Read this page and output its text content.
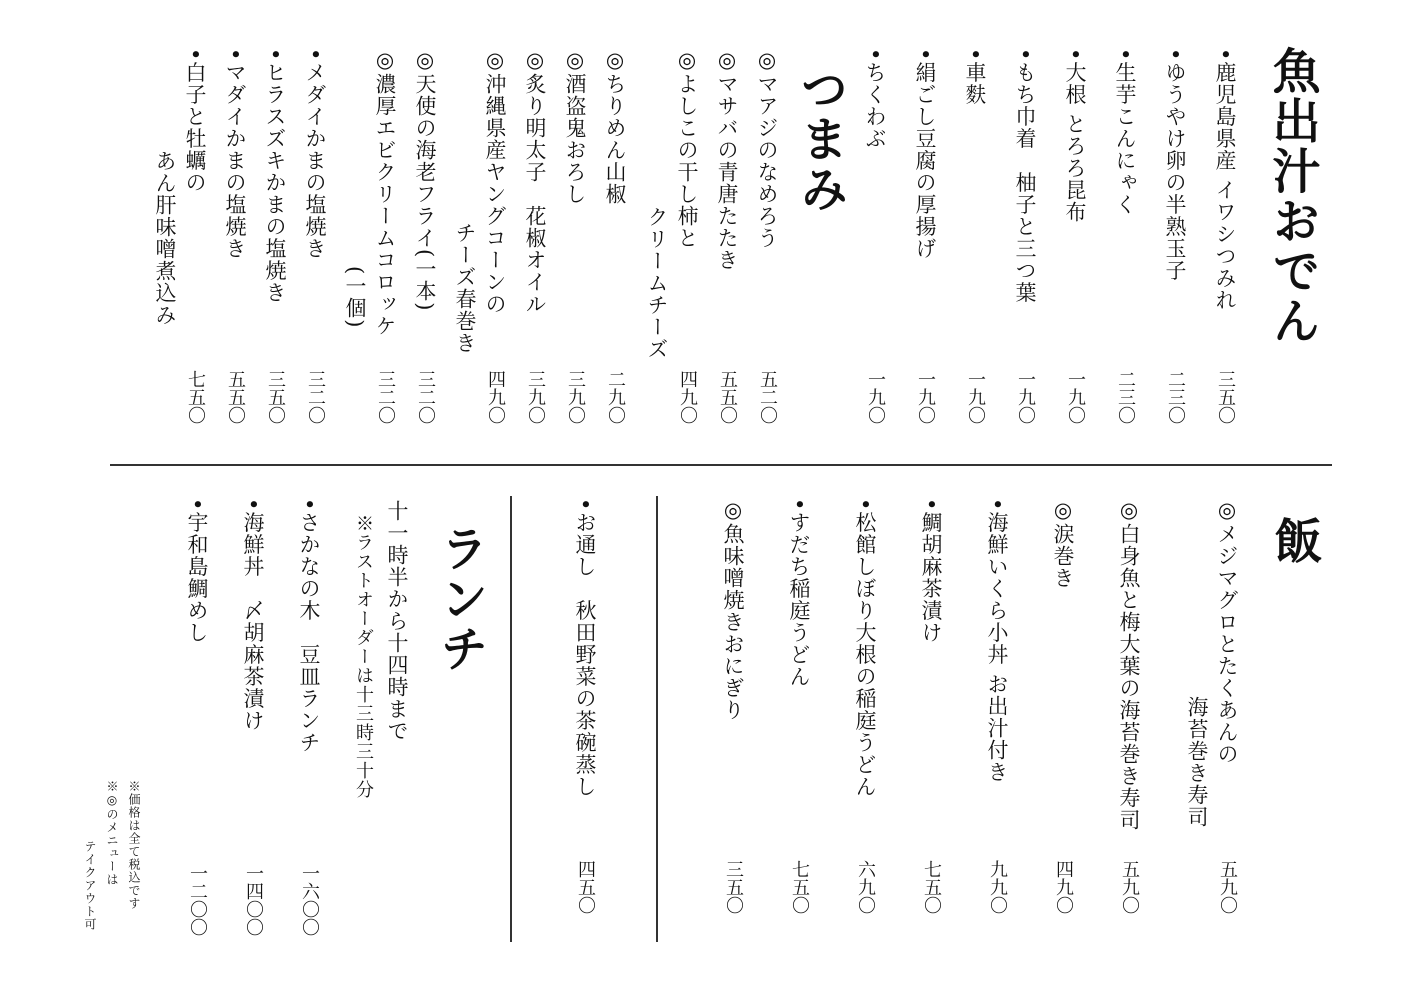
魚出汁おでん
•鹿児島県産 イワシつみれ
三五〇
•ゆうやけ卵の半熟玉子
二三〇
•生芋こんにゃく
二三〇
•大根 とろろ昆布
一九〇
•もち巾着　柚子と三つ葉
一九〇
•車麩
一九〇
•絹ごし豆腐の厚揚げ
一九〇
•ちくわぶ
一九〇
つまみ
◎マアジのなめろう
五二〇
◎マサバの青唐たたき
五五〇
◎よしこの干し柿と
クリームチーズ
四九〇
◎ちりめん山椒
二九〇
◎酒盗鬼おろし
三九〇
◎炙り明太子　花椒オイル
三九〇
◎沖縄県産ヤングコーンの
チーズ春巻き
四九〇
◎天使の海老フライ(一本)
三二〇
◎濃厚エビクリームコロッケ
(一個)
三二〇
•メダイかまの塩焼き
三二〇
•ヒラスズキかまの塩焼き
三五〇
•マダイかまの塩焼き
五五〇
•白子と牡蠣の
あん肝味噌煮込み
七五〇
飯
◎メジマグロとたくあんの
海苔巻き寿司
五九〇
◎白身魚と梅大葉の海苔巻き寿司
五九〇
◎涙巻き
四九〇
•海鮮いくら小丼 お出汁付き
九九〇
•鯛胡麻茶漬け
七五〇
•松館しぼり大根の稲庭うどん
六九〇
•すだち稲庭うどん
七五〇
◎魚味噌焼きおにぎり
三五〇
•お通し　秋田野菜の茶碗蒸し
四五〇
ランチ
十一時半から十四時まで
※ラストオーダーは十三時三十分
•さかなの木　豆皿ランチ
一六〇〇
•海鮮丼　〆胡麻茶漬け
一四〇〇
•宇和島鯛めし
一二〇〇
※価格は全て税込です
※◎のメニューは
テイクアウト可
